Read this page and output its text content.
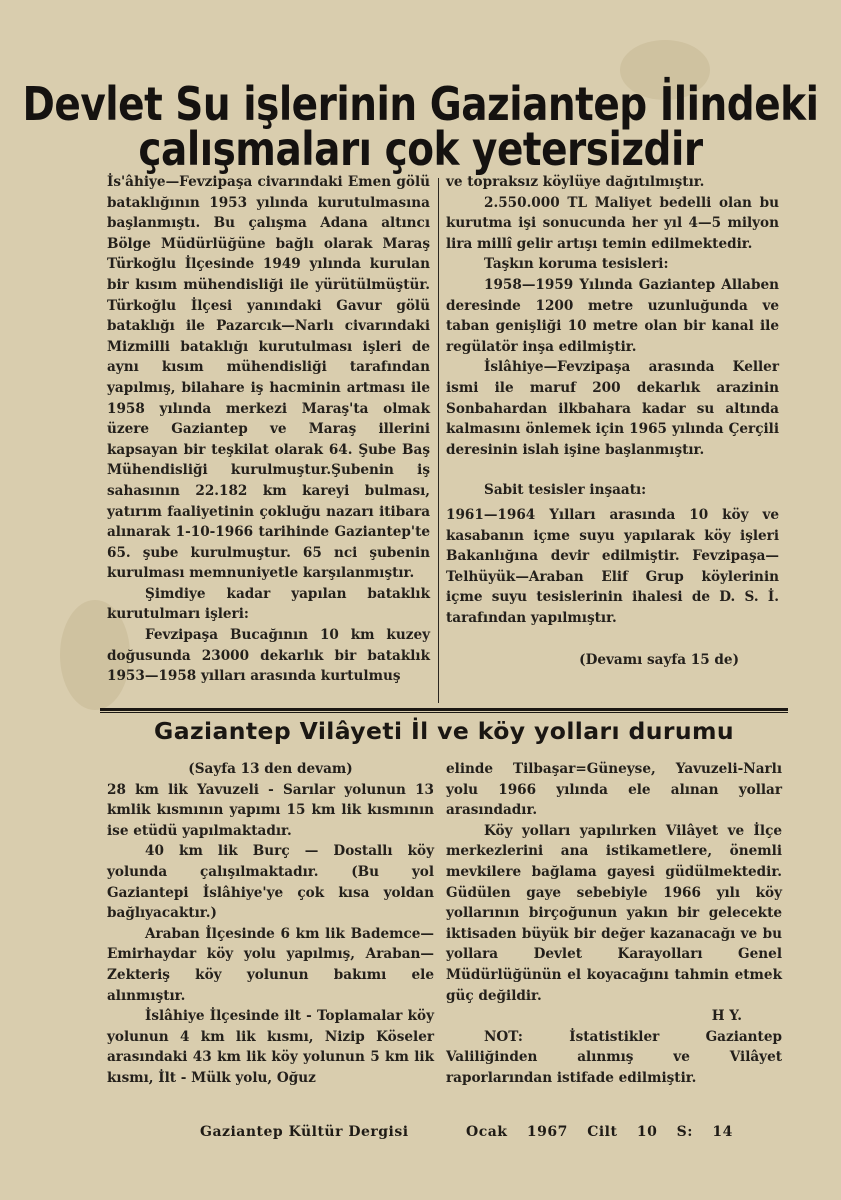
Devlet Su işlerinin Gaziantep İlindeki
çalışmaları çok yetersizdir

İs'âhiye—Fevzipaşa civarındaki Emen gölü bataklığının 1953 yılında kurutulmasına başlanmıştı. Bu çalışma Adana altıncı Bölge Müdürlüğüne bağlı olarak Maraş Türkoğlu İlçesinde 1949 yılında kurulan bir kısım mühendisliği ile yürütülmüştür. Türkoğlu İlçesi yanındaki Gavur gölü bataklığı ile Pazarcık—Narlı civarındaki Mizmilli bataklığı kurutulması işleri de aynı kısım mühendisliği tarafından yapılmış, bilahare iş hacminin artması ile 1958 yılında merkezi Maraş'ta olmak üzere Gaziantep ve Maraş illerini kapsayan bir teşkilat olarak 64. Şube Baş Mühendisliği kurulmuştur.Şubenin iş sahasının 22.182 km kareyi bulması, yatırım faaliyetinin çokluğu nazarı itibara alınarak 1-10-1966 tarihinde Gaziantep'te 65. şube kurulmuştur. 65 nci şubenin kurulması memnuniyetle karşılanmıştır.

Şimdiye kadar yapılan bataklık kurutulmarı işleri:

Fevzipaşa Bucağının 10 km kuzey doğusunda 23000 dekarlık bir bataklık 1953—1958 yılları arasında kurtulmuş

ve topraksız köylüye dağıtılmıştır.

2.550.000 TL Maliyet bedelli olan bu kurutma işi sonucunda her yıl 4—5 milyon lira millî gelir artışı temin edilmektedir.

Taşkın koruma tesisleri:

1958—1959 Yılında Gaziantep Allaben deresinde 1200 metre uzunluğunda ve taban genişliği 10 metre olan bir kanal ile regülatör inşa edilmiştir.

İslâhiye—Fevzipaşa arasında Keller ismi ile maruf 200 dekarlık arazinin Sonbahardan ilkbahara kadar su altında kalmasını önlemek için 1965 yılında Çerçili deresinin islah işine başlanmıştır.

Sabit tesisler inşaatı:

1961—1964 Yılları arasında 10 köy ve kasabanın içme suyu yapılarak köy işleri Bakanlığına devir edilmiştir. Fevzipaşa—Telhüyük—Araban Elif Grup köylerinin içme suyu tesislerinin ihalesi de D. S. İ. tarafından yapılmıştır.

(Devamı sayfa 15 de)

Gaziantep Vilâyeti İl ve köy yolları durumu

(Sayfa 13 den devam)

28 km lik Yavuzeli - Sarılar yolunun 13 kmlik kısmının yapımı 15 km lik kısmının ise etüdü yapılmaktadır.

40 km lik Burç — Dostallı köy yolunda çalışılmaktadır. (Bu yol Gaziantepi İslâhiye'ye çok kısa yoldan bağlıyacaktır.)

Araban İlçesinde 6 km lik Bademce—Emirhaydar köy yolu yapılmış, Araban—Zekteriş köy yolunun bakımı ele alınmıştır.

İslâhiye İlçesinde ilt - Toplamalar köy yolunun 4 km lik kısmı, Nizip Köseler arasındaki 43 km lik köy yolunun 5 km lik kısmı, İlt - Mülk yolu, Oğuz

elinde Tilbaşar=Güneyse, Yavuzeli-Narlı yolu 1966 yılında ele alınan yollar arasındadır.

Köy yolları yapılırken Vilâyet ve İlçe merkezlerini ana istikametlere, önemli mevkilere bağlama gayesi güdülmektedir. Güdülen gaye sebebiyle 1966 yılı köy yollarının birçoğunun yakın bir gelecekte iktisaden büyük bir değer kazanacağı ve bu yollara Devlet Karayolları Genel Müdürlüğünün el koyacağını tahmin etmek güç değildir.

H Y.

NOT: İstatistikler Gaziantep Valiliğinden alınmış ve Vilâyet raporlarından istifade edilmiştir.

Gaziantep Kültür Dergisi	Ocak 1967 Cilt 10 S: 14
